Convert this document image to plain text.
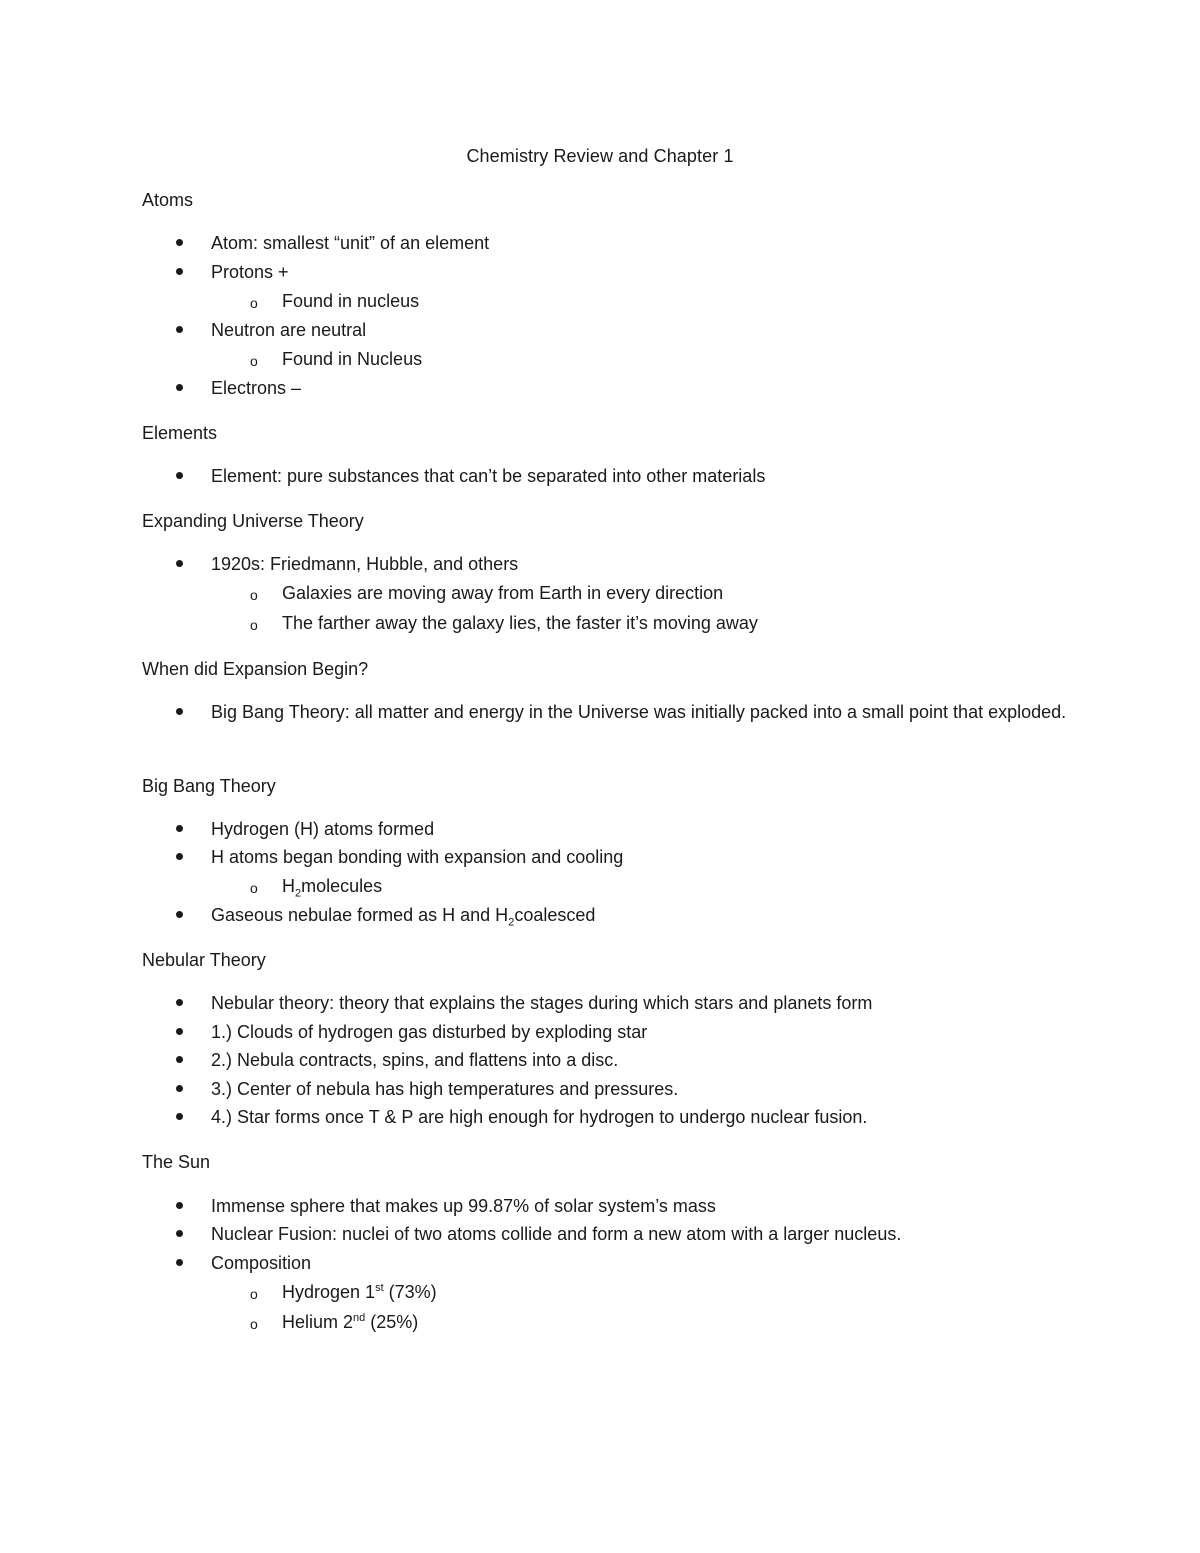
Chemistry Review and Chapter 1
Atoms
Atom: smallest “unit” of an element
Protons +
o Found in nucleus
Neutron are neutral
o Found in Nucleus
Electrons –
Elements
Element: pure substances that can’t be separated into other materials
Expanding Universe Theory
1920s: Friedmann, Hubble, and others
o Galaxies are moving away from Earth in every direction
o The farther away the galaxy lies, the faster it’s moving away
When did Expansion Begin?
Big Bang Theory: all matter and energy in the Universe was initially packed into a small point that exploded.
Big Bang Theory
Hydrogen (H) atoms formed
H atoms began bonding with expansion and cooling
o $H_2molecules$
Gaseous nebulae formed as H and $H_2coalesced$
Nebular Theory
Nebular theory: theory that explains the stages during which stars and planets form
1.) Clouds of hydrogen gas disturbed by exploding star
2.) Nebula contracts, spins, and flattens into a disc.
3.) Center of nebula has high temperatures and pressures.
4.) Star forms once T & P are high enough for hydrogen to undergo nuclear fusion.
The Sun
Immense sphere that makes up 99.87% of solar system’s mass
Nuclear Fusion: nuclei of two atoms collide and form a new atom with a larger nucleus.
Composition
o Hydrogen 1st (73%)
o Helium 2nd (25%)
